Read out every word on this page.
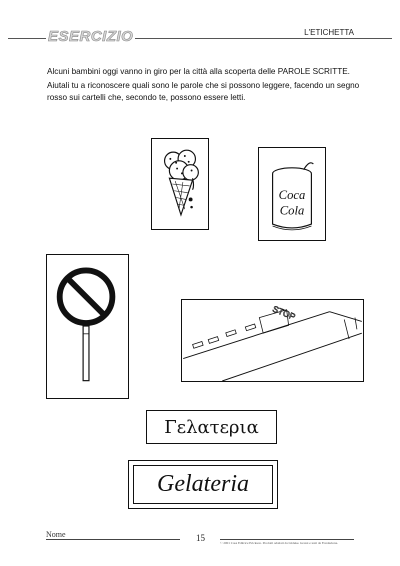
ESERCIZIO	L'ETICHETTA

Alcuni bambini oggi vanno in giro per la città alla scoperta delle PAROLE SCRITTE.

Aiutali tu a riconoscere quali sono le parole che si possono leggere, facendo un segno rosso sui cartelli che, secondo te, possono essere letti.

Coca
Cola
STOP
Γελατερια
Gelateria
Nome	15	© 2001 Casa Editrice Erickson. Prodotti adattati da Lüdeke. Grassi e testi da Fondazione.
